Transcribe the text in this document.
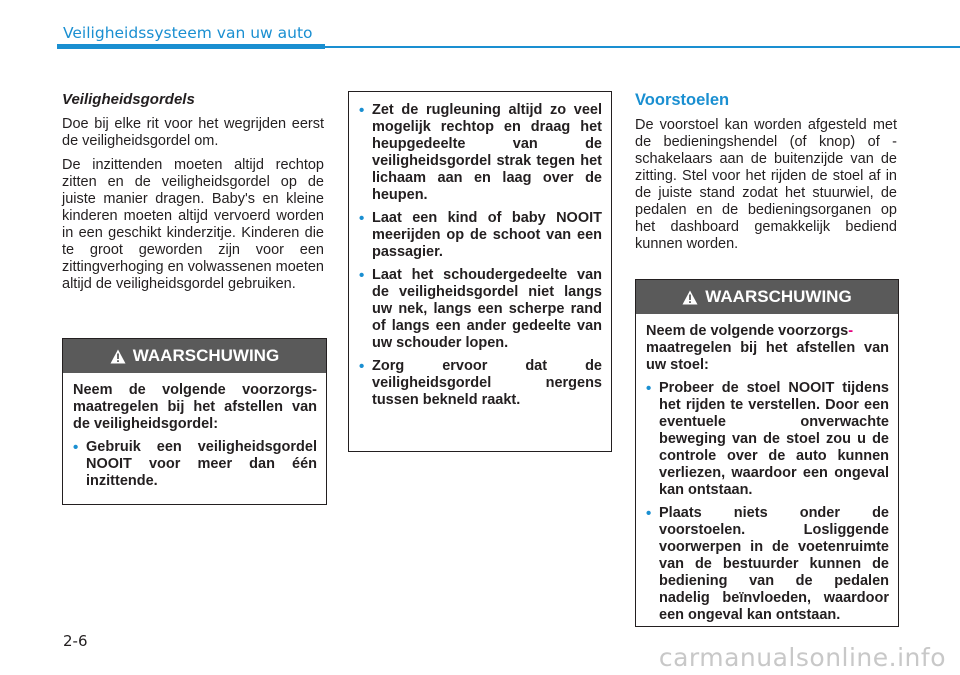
Veiligheidssysteem van uw auto
Veiligheidsgordels

Doe bij elke rit voor het wegrijden eerst de veiligheidsgordel om.

De inzittenden moeten altijd rechtop zitten en de veiligheidsgordel op de juiste manier dragen. Baby's en kleine kinderen moeten altijd vervoerd worden in een geschikt kinderzitje. Kinderen die te groot geworden zijn voor een zittingverhoging en volwassenen moeten altijd de veiligheidsgordel gebruiken.

WAARSCHUWING

Neem de volgende voorzorgs-maatregelen bij het afstellen van de veiligheidsgordel:

• Gebruik een veiligheidsgordel NOOIT voor meer dan één inzittende.
• Zet de rugleuning altijd zo veel mogelijk rechtop en draag het heupgedeelte van de veiligheidsgordel strak tegen het lichaam aan en laag over de heupen.
• Laat een kind of baby NOOIT meerijden op de schoot van een passagier.
• Laat het schoudergedeelte van de veiligheidsgordel niet langs uw nek, langs een scherpe rand of langs een ander gedeelte van uw schouder lopen.
• Zorg ervoor dat de veiligheidsgordel nergens tussen bekneld raakt.
Voorstoelen

De voorstoel kan worden afgesteld met de bedieningshendel (of knop) of -schakelaars aan de buitenzijde van de zitting. Stel voor het rijden de stoel af in de juiste stand zodat het stuurwiel, de pedalen en de bedieningsorganen op het dashboard gemakkelijk bediend kunnen worden.

WAARSCHUWING

Neem de volgende voorzorgs-
maatregelen bij het afstellen van uw stoel:

• Probeer de stoel NOOIT tijdens het rijden te verstellen. Door een eventuele onverwachte beweging van de stoel zou u de controle over de auto kunnen verliezen, waardoor een ongeval kan ontstaan.
• Plaats niets onder de voorstoelen. Losliggende voorwerpen in de voetenruimte van de bestuurder kunnen de bediening van de pedalen nadelig beïnvloeden, waardoor een ongeval kan ontstaan.
2-6
carmanualsonline.info
